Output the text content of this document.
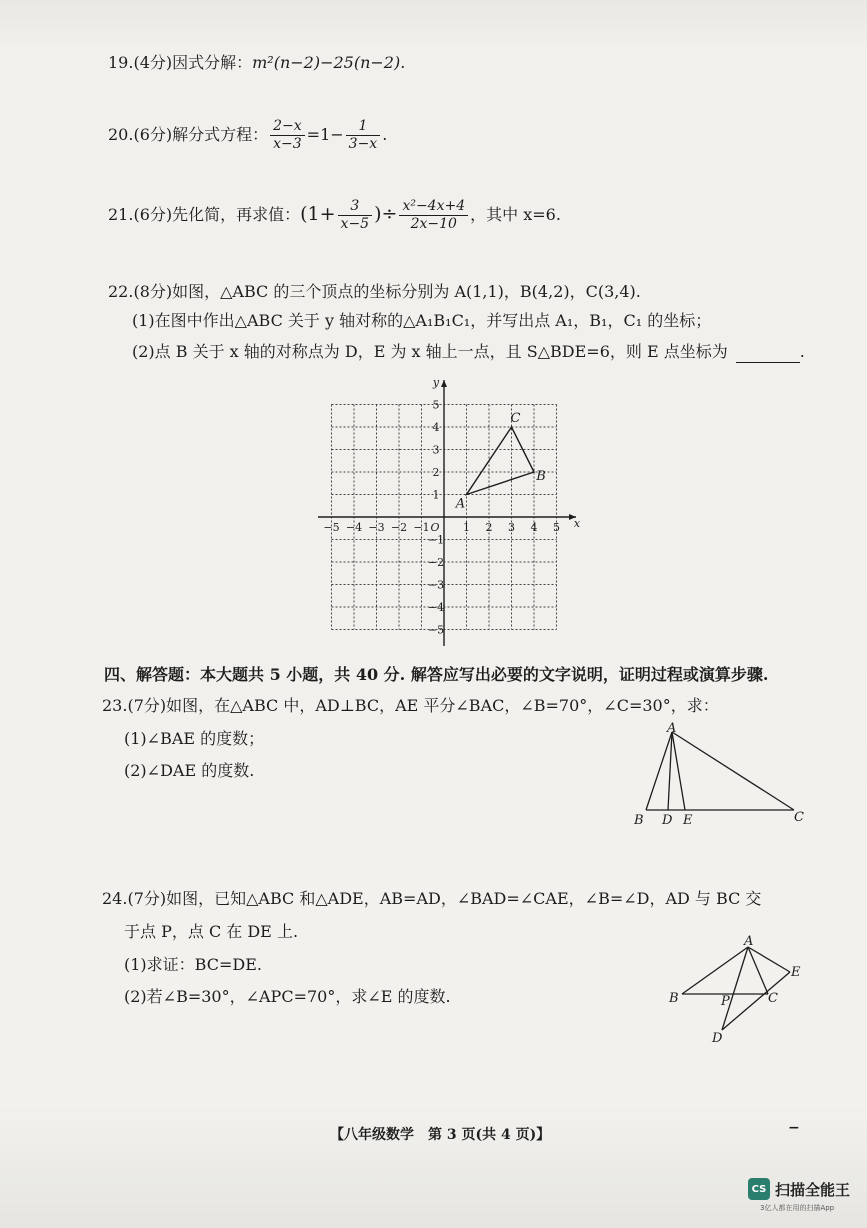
19.(4分)因式分解：m²(n−2)−25(n−2).
20.(6分)解分式方程： $\frac{2-x}{x-3} =1- \frac{1}{3-x}$ .
21.(6分)先化简，再求值：($1+ \frac{3}{x-5}$ )÷ $\frac{\text{x²−4x+4}}{2x-10}$ ，其中 x=6.
22.(8分)如图，△ABC 的三个顶点的坐标分别为 A(1,1)，B(4,2)，C(3,4).
(1)在图中作出△ABC 关于 y 轴对称的△A₁B₁C₁，并写出点 A₁，B₁，C₁ 的坐标；
(2)点 B 关于 x 轴的对称点为 D，E 为 x 轴上一点，且 S△BDE=6，则 E 点坐标为	.
−5 −4 −3 −2 −1	1 2 3 4 5
5
4
3
2
1
−1
−2
−3
−4
−5
O	x
y
A
B
C
四、解答题：本大题共 5 小题，共 40 分. 解答应写出必要的文字说明，证明过程或演算步骤.
23.(7分)如图，在△ABC 中，AD⊥BC，AE 平分∠BAC，∠B=70°，∠C=30°，求：
(1)∠BAE 的度数；
(2)∠DAE 的度数.
A
B D E	C
24.(7分)如图，已知△ABC 和△ADE，AB=AD，∠BAD=∠CAE，∠B=∠D，AD 与 BC 交
于点 P，点 C 在 DE 上.
(1)求证：BC=DE.
(2)若∠B=30°，∠APC=70°，求∠E 的度数.
A
B	C
E
D
P
【八年级数学　第 3 页(共 4 页)】	−
CS 扫描全能王
3亿人都在用的扫描App
